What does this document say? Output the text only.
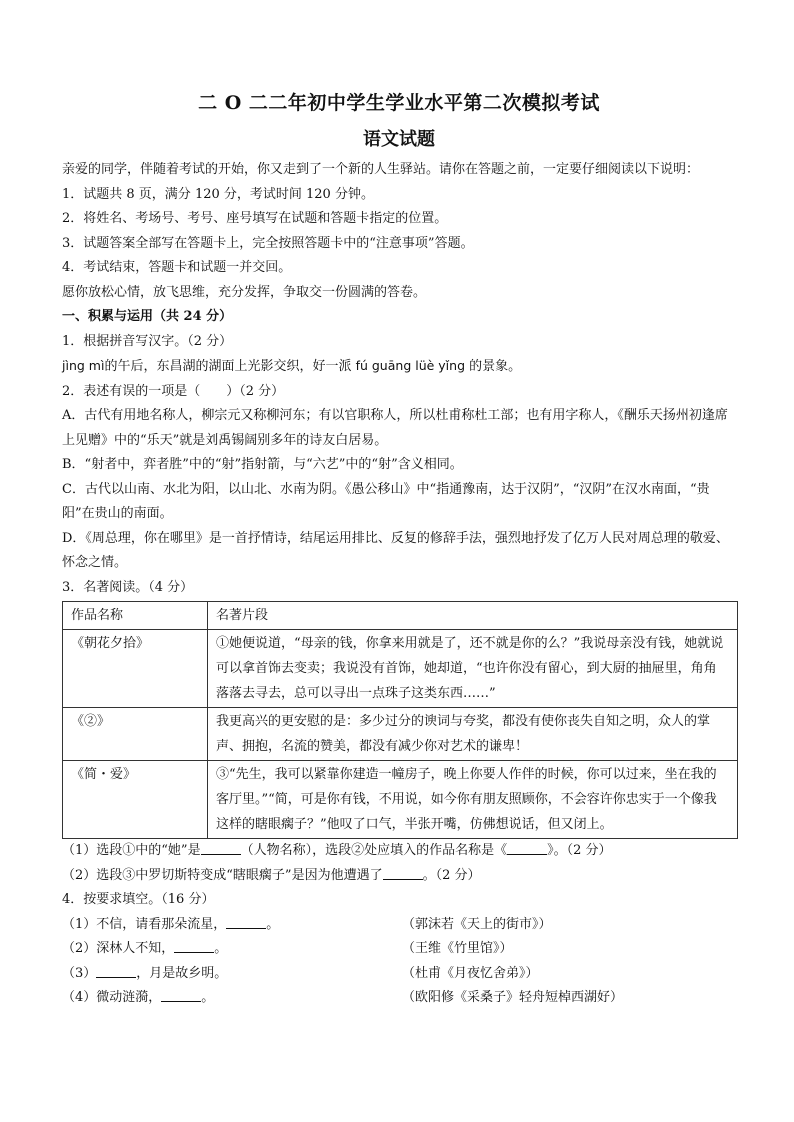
二 O 二二年初中学生学业水平第二次模拟考试
语文试题

亲爱的同学，伴随着考试的开始，你又走到了一个新的人生驿站。请你在答题之前，一定要仔细阅读以下说明：

1．试题共 8 页，满分 120 分，考试时间 120 分钟。

2．将姓名、考场号、考号、座号填写在试题和答题卡指定的位置。

3．试题答案全部写在答题卡上，完全按照答题卡中的“注意事项”答题。

4．考试结束，答题卡和试题一并交回。

愿你放松心情，放飞思维，充分发挥，争取交一份圆满的答卷。

一、积累与运用（共 24 分）

1．根据拼音写汉字。（2 分）

jìng mì的午后，东昌湖的湖面上光影交织，好一派 fú guāng lüè yǐng 的景象。

2．表述有误的一项是（　　）（2 分）

A．古代有用地名称人，柳宗元又称柳河东；有以官职称人，所以杜甫称杜工部；也有用字称人，《酬乐天扬州初逢席上见赠》中的“乐天”就是刘禹锡阔别多年的诗友白居易。

B．“射者中，弈者胜”中的“射”指射箭，与“六艺”中的“射”含义相同。

C．古代以山南、水北为阳，以山北、水南为阴。《愚公移山》中“指通豫南，达于汉阴”，“汉阴”在汉水南面，“贵阳”在贵山的南面。

D．《周总理，你在哪里》是一首抒情诗，结尾运用排比、反复的修辞手法，强烈地抒发了亿万人民对周总理的敬爱、怀念之情。

3．名著阅读。（4 分）

作品名称	名著片段
《朝花夕拾》	①她便说道，“母亲的钱，你拿来用就是了，还不就是你的么？”我说母亲没有钱，她就说可以拿首饰去变卖；我说没有首饰，她却道，“也许你没有留心，到大厨的抽屉里，角角落落去寻去，总可以寻出一点珠子这类东西……”
《②》	我更高兴的更安慰的是：多少过分的谀词与夸奖，都没有使你丧失自知之明，众人的掌声、拥抱，名流的赞美，都没有减少你对艺术的谦卑！
《简・爱》	③“先生，我可以紧靠你建造一幢房子，晚上你要人作伴的时候，你可以过来，坐在我的客厅里。”“简，可是你有钱，不用说，如今你有朋友照顾你，不会容许你忠实于一个像我这样的瞎眼瘸子？”他叹了口气，半张开嘴，仿佛想说话，但又闭上。

（1）选段①中的“她”是	（人物名称），选段②处应填入的作品名称是《	》。（2 分）

（2）选段③中罗切斯特变成“瞎眼瘸子”是因为他遭遇了	。（2 分）

4．按要求填空。（16 分）

（1）不信，请看那朵流星，	。	（郭沫若《天上的街市》）
（2）深林人不知，	。	（王维《竹里馆》）
（3）	，月是故乡明。	（杜甫《月夜忆舍弟》）
（4）微动涟漪，	。	（欧阳修《采桑子》轻舟短棹西湖好）
